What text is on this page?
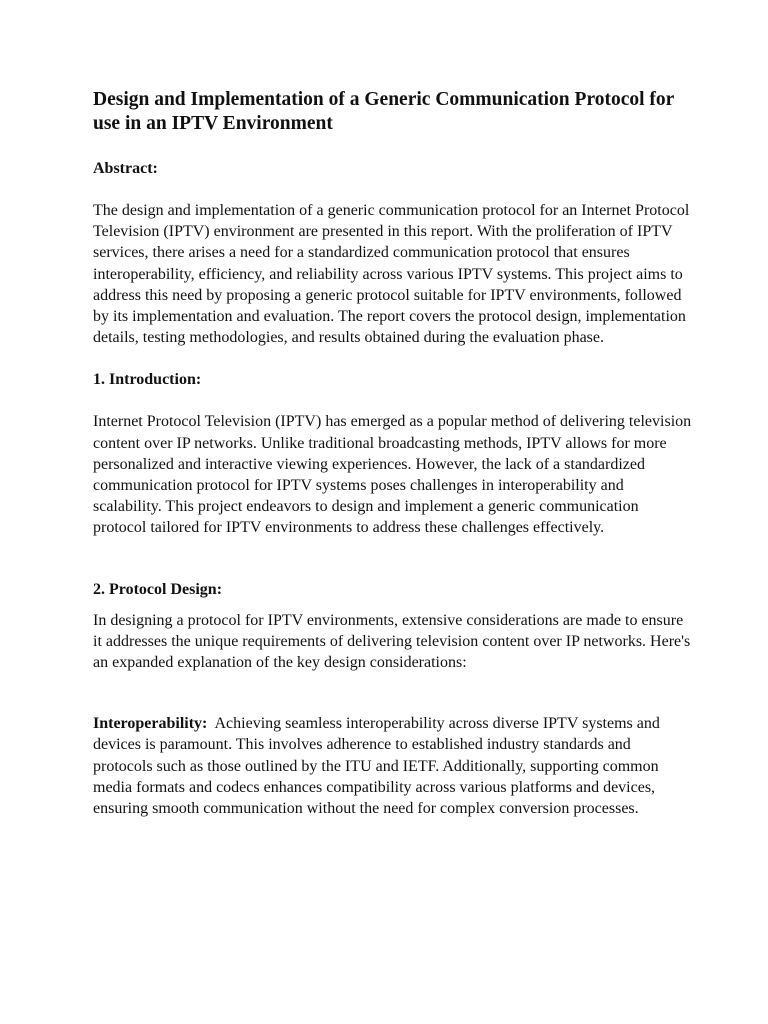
Design and Implementation of a Generic Communication Protocol for use in an IPTV Environment
Abstract:

The design and implementation of a generic communication protocol for an Internet Protocol Television (IPTV) environment are presented in this report. With the proliferation of IPTV services, there arises a need for a standardized communication protocol that ensures interoperability, efficiency, and reliability across various IPTV systems. This project aims to address this need by proposing a generic protocol suitable for IPTV environments, followed by its implementation and evaluation. The report covers the protocol design, implementation details, testing methodologies, and results obtained during the evaluation phase.

1. Introduction:

Internet Protocol Television (IPTV) has emerged as a popular method of delivering television content over IP networks. Unlike traditional broadcasting methods, IPTV allows for more personalized and interactive viewing experiences. However, the lack of a standardized communication protocol for IPTV systems poses challenges in interoperability and scalability. This project endeavors to design and implement a generic communication protocol tailored for IPTV environments to address these challenges effectively.

2. Protocol Design:

In designing a protocol for IPTV environments, extensive considerations are made to ensure it addresses the unique requirements of delivering television content over IP networks. Here's an expanded explanation of the key design considerations:

Interoperability: Achieving seamless interoperability across diverse IPTV systems and devices is paramount. This involves adherence to established industry standards and protocols such as those outlined by the ITU and IETF. Additionally, supporting common media formats and codecs enhances compatibility across various platforms and devices, ensuring smooth communication without the need for complex conversion processes.
